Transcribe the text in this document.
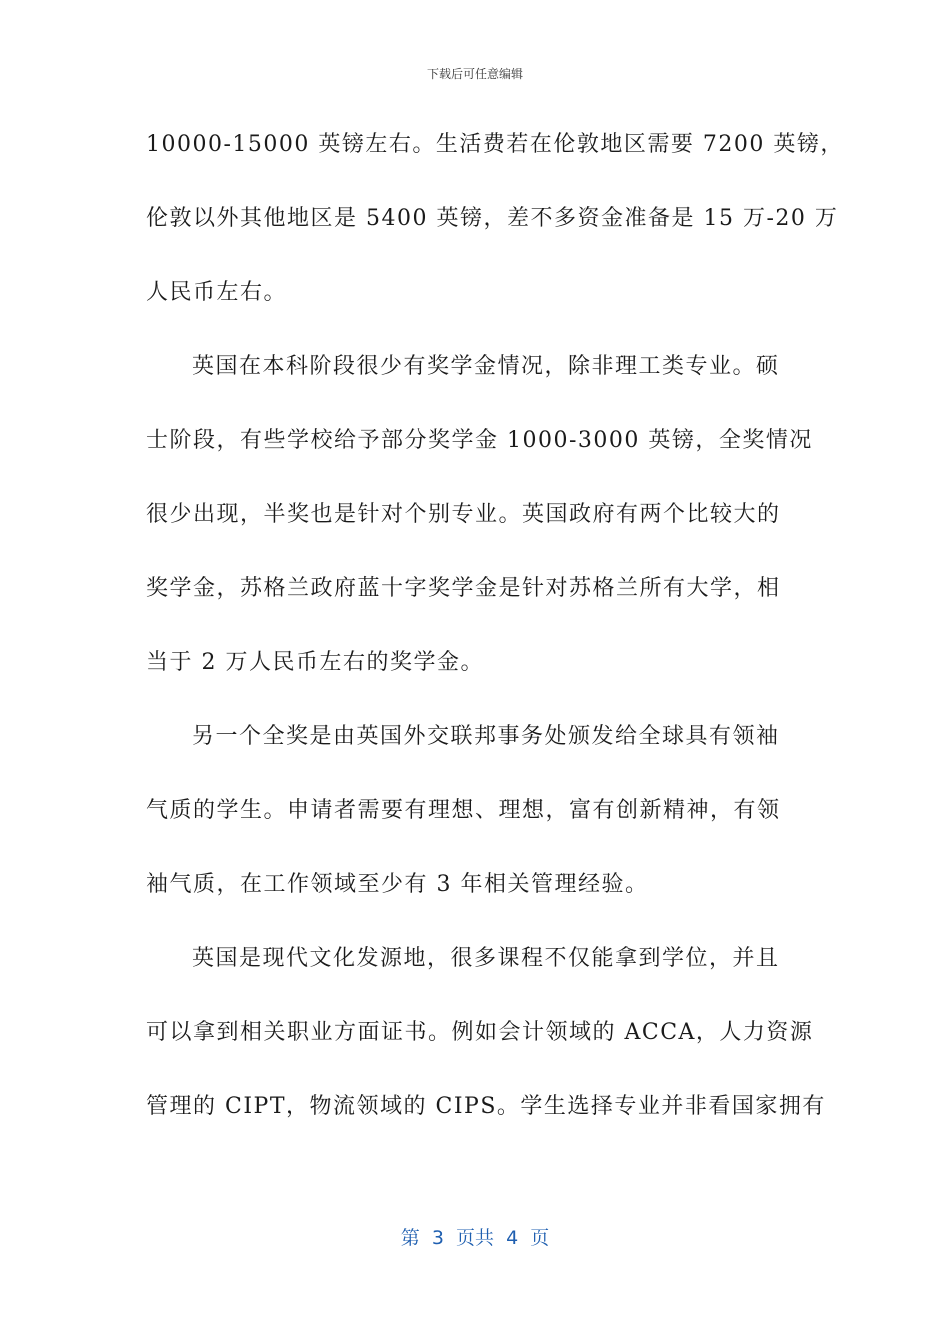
下载后可任意编辑
10000-15000 英镑左右。生活费若在伦敦地区需要 7200 英镑，
伦敦以外其他地区是 5400 英镑，差不多资金准备是 15 万-20 万
人民币左右。
英国在本科阶段很少有奖学金情况，除非理工类专业。硕
士阶段，有些学校给予部分奖学金 1000-3000 英镑，全奖情况
很少出现，半奖也是针对个别专业。英国政府有两个比较大的
奖学金，苏格兰政府蓝十字奖学金是针对苏格兰所有大学，相
当于 2 万人民币左右的奖学金。
另一个全奖是由英国外交联邦事务处颁发给全球具有领袖
气质的学生。申请者需要有理想、理想，富有创新精神，有领
袖气质，在工作领域至少有 3 年相关管理经验。
英国是现代文化发源地，很多课程不仅能拿到学位，并且
可以拿到相关职业方面证书。例如会计领域的 ACCA，人力资源
管理的 CIPT，物流领域的 CIPS。学生选择专业并非看国家拥有
第  3  页共  4  页
